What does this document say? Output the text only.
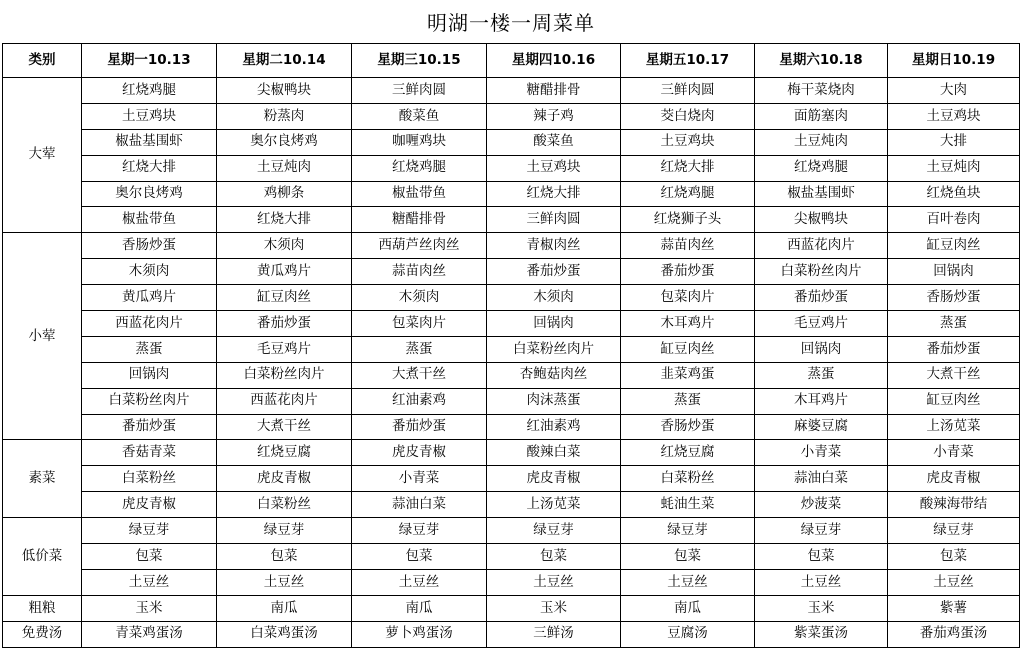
明湖一楼一周菜单
类别	星期一10.13	星期二10.14	星期三10.15	星期四10.16	星期五10.17	星期六10.18	星期日10.19
大荤	红烧鸡腿	尖椒鸭块	三鲜肉圆	糖醋排骨	三鲜肉圆	梅干菜烧肉	大肉
	土豆鸡块	粉蒸肉	酸菜鱼	辣子鸡	茭白烧肉	面筋塞肉	土豆鸡块
	椒盐基围虾	奥尔良烤鸡	咖喱鸡块	酸菜鱼	土豆鸡块	土豆炖肉	大排
	红烧大排	土豆炖肉	红烧鸡腿	土豆鸡块	红烧大排	红烧鸡腿	土豆炖肉
	奥尔良烤鸡	鸡柳条	椒盐带鱼	红烧大排	红烧鸡腿	椒盐基围虾	红烧鱼块
	椒盐带鱼	红烧大排	糖醋排骨	三鲜肉圆	红烧狮子头	尖椒鸭块	百叶卷肉
小荤	香肠炒蛋	木须肉	西葫芦丝肉丝	青椒肉丝	蒜苗肉丝	西蓝花肉片	缸豆肉丝
	木须肉	黄瓜鸡片	蒜苗肉丝	番茄炒蛋	番茄炒蛋	白菜粉丝肉片	回锅肉
	黄瓜鸡片	缸豆肉丝	木须肉	木须肉	包菜肉片	番茄炒蛋	香肠炒蛋
	西蓝花肉片	番茄炒蛋	包菜肉片	回锅肉	木耳鸡片	毛豆鸡片	蒸蛋
	蒸蛋	毛豆鸡片	蒸蛋	白菜粉丝肉片	缸豆肉丝	回锅肉	番茄炒蛋
	回锅肉	白菜粉丝肉片	大煮干丝	杏鲍菇肉丝	韭菜鸡蛋	蒸蛋	大煮干丝
	白菜粉丝肉片	西蓝花肉片	红油素鸡	肉沫蒸蛋	蒸蛋	木耳鸡片	缸豆肉丝
	番茄炒蛋	大煮干丝	番茄炒蛋	红油素鸡	香肠炒蛋	麻婆豆腐	上汤苋菜
素菜	香菇青菜	红烧豆腐	虎皮青椒	酸辣白菜	红烧豆腐	小青菜	小青菜
	白菜粉丝	虎皮青椒	小青菜	虎皮青椒	白菜粉丝	蒜油白菜	虎皮青椒
	虎皮青椒	白菜粉丝	蒜油白菜	上汤苋菜	蚝油生菜	炒菠菜	酸辣海带结
低价菜	绿豆芽	绿豆芽	绿豆芽	绿豆芽	绿豆芽	绿豆芽	绿豆芽
	包菜	包菜	包菜	包菜	包菜	包菜	包菜
	土豆丝	土豆丝	土豆丝	土豆丝	土豆丝	土豆丝	土豆丝
粗粮	玉米	南瓜	南瓜	玉米	南瓜	玉米	紫薯
免费汤	青菜鸡蛋汤	白菜鸡蛋汤	萝卜鸡蛋汤	三鲜汤	豆腐汤	紫菜蛋汤	番茄鸡蛋汤
